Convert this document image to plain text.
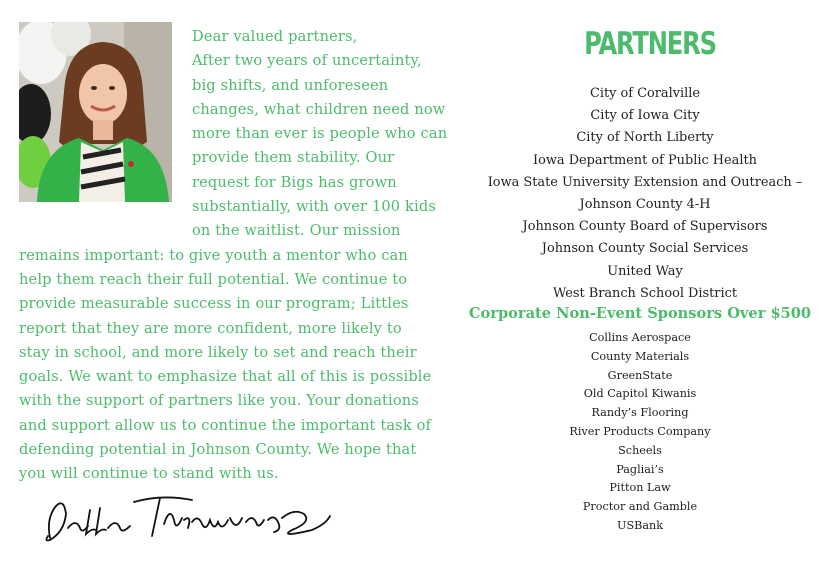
Dear valued partners,
After two years of uncertainty,
big shifts, and unforeseen
changes, what children need now
more than ever is people who can
provide them stability. Our
request for Bigs has grown
substantially, with over 100 kids
on the waitlist. Our mission
remains important: to give youth a mentor who can
help them reach their full potential. We continue to
provide measurable success in our program; Littles
report that they are more confident, more likely to
stay in school, and more likely to set and reach their
goals. We want to emphasize that all of this is possible
with the support of partners like you. Your donations
and support allow us to continue the important task of
defending potential in Johnson County. We hope that
you will continue to stand with us.
PARTNERS
City of Coralville
City of Iowa City
City of North Liberty
Iowa Department of Public Health
Iowa State University Extension and Outreach –
Johnson County 4-H
Johnson County Board of Supervisors
Johnson County Social Services
United Way
West Branch School District
Corporate Non-Event Sponsors Over $500
Collins Aerospace
County Materials
GreenState
Old Capitol Kiwanis
Randy’s Flooring
River Products Company
Scheels
Pagliai’s
Pitton Law
Proctor and Gamble
USBank
